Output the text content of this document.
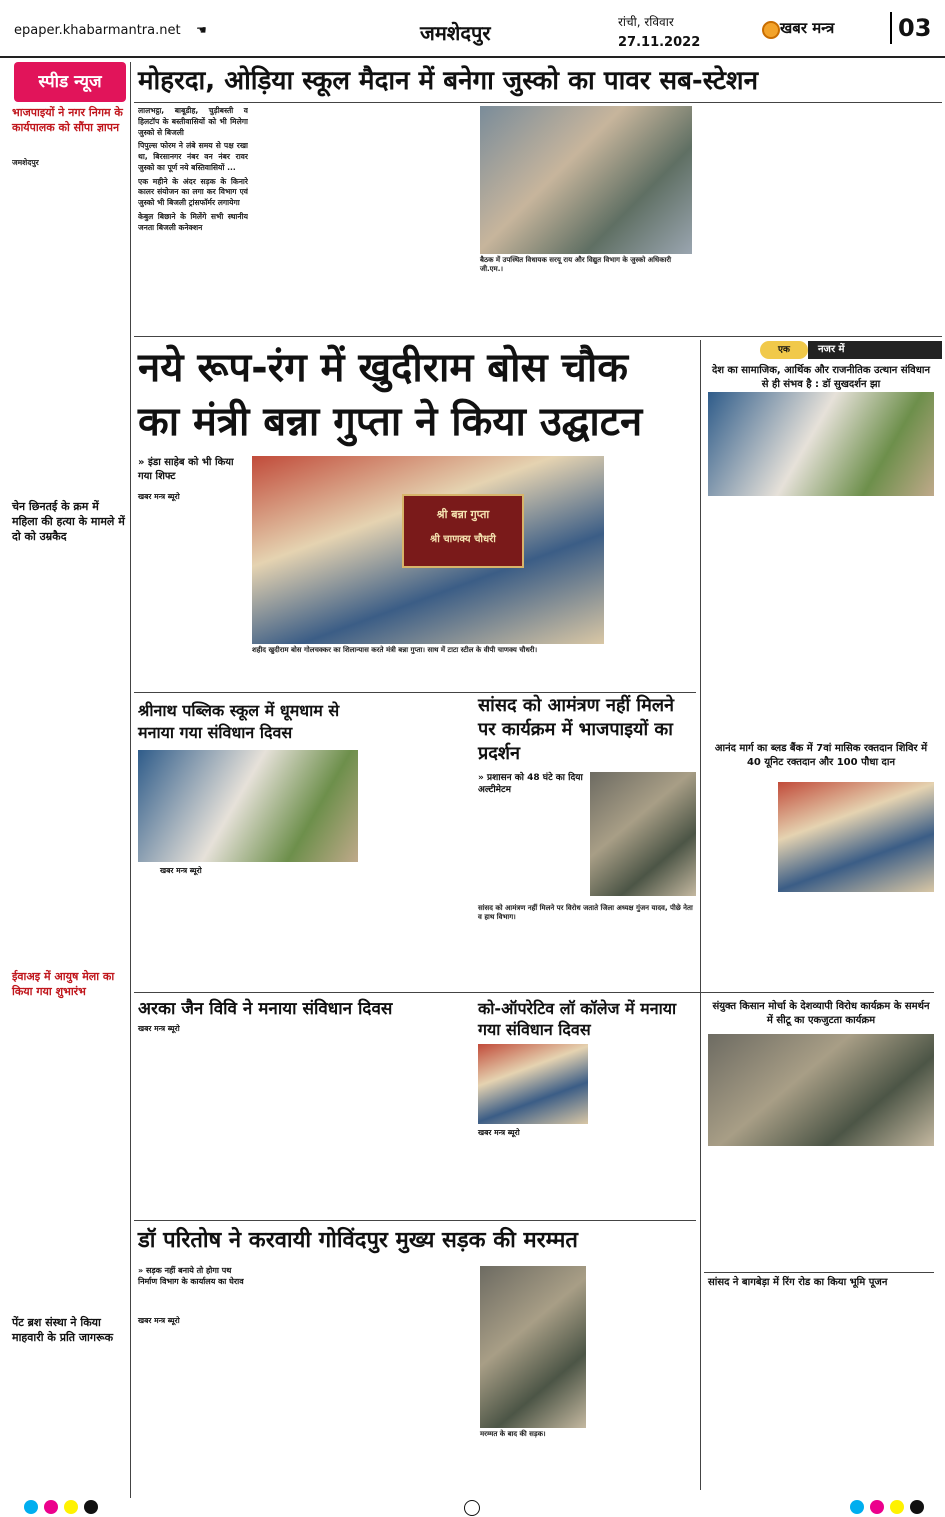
epaper.khabarmantra.net ☚	जमशेदपुर	रांची, रविवार
27.11.2022
खबर मन्त्र	03
स्पीड न्यूज	मोहरदा, ओड़िया स्कूल मैदान में बनेगा जुस्को का पावर सब-स्टेशन
भाजपाइयों ने नगर निगम के कार्यपालक को सौंपा ज्ञापन
जमशेदपुर
चेन छिनतई के क्रम में महिला की हत्या के मामले में दो को उम्रकैद
ईवाअइ में आयुष मेला का किया गया शुभारंभ
पेंट ब्रश संस्था ने किया माहवारी के प्रति जागरूक
लालभट्ठा, बाबूडीह, चुड़ीबस्ती व हिलटॉप के बस्तीवासियों को भी मिलेगा जुस्को से बिजली
पिपुल्स फोरम ने लंबे समय से पक्ष रखा था, बिरसानगर नंबर वन नंबर रावर जुस्को का पूर्ण नये बस्तिवासियों ...
एक महीने के अंदर सड़क के किनारे कालर संयोजन का लगा कर विभाग एवं जुस्को भी बिजली ट्रांसफॉर्मर लगायेगा
केबुल बिछाने के मिलेंगे सभी स्थानीय जनता बिजली कनेक्शन
बैठक में उपस्थित विधायक सरयू राय और विद्युत विभाग के जुस्को अधिकारी जी.एम.।
नये रूप-रंग में खुदीराम बोस चौक
का मंत्री बन्ना गुप्ता ने किया उद्घाटन
» इंडा साहेब को भी किया गया शिफ्ट
खबर मन्त्र ब्यूरो
श्री बन्ना गुप्ता
श्री चाणक्य चौधरी
शहीद खुदीराम बोस गोलचक्कर का शिलान्यास करते मंत्री बन्ना गुप्ता। साथ में टाटा स्टील के वीपी चाणक्य चौधरी।
एक	नजर में
देश का सामाजिक, आर्थिक और राजनीतिक उत्थान संविधान से ही संभव है : डॉ सुखदर्शन झा
श्रीनाथ पब्लिक स्कूल में धूमधाम से मनाया गया संविधान दिवस
खबर मन्त्र ब्यूरो
सांसद को आमंत्रण नहीं मिलने पर कार्यक्रम में भाजपाइयों का प्रदर्शन
» प्रशासन को 48 घंटे का दिया अल्टीमेटम
सांसद को आमंत्रण नहीं मिलने पर विरोध जताते जिला अध्यक्ष गुंजन यादव, पीछे नेता व हाथ विभाग।
आनंद मार्ग का ब्लड बैंक में 7वां मासिक रक्तदान शिविर में 40 यूनिट रक्तदान और 100 पौधा दान
अरका जैन विवि ने मनाया संविधान दिवस
खबर मन्त्र ब्यूरो
को-ऑपरेटिव लॉ कॉलेज में मनाया गया संविधान दिवस
खबर मन्त्र ब्यूरो
संयुक्त किसान मोर्चा के देशव्यापी विरोध कार्यक्रम के समर्थन में सीटू का एकजुटता कार्यक्रम
सांसद ने बागबेड़ा में रिंग रोड का किया भूमि पूजन
डॉ परितोष ने करवायी गोविंदपुर मुख्य सड़क की मरम्मत
» सड़क नहीं बनाये तो होगा पथ निर्माण विभाग के कार्यालय का घेराव
खबर मन्त्र ब्यूरो
मरम्मत के बाद की सड़क।
